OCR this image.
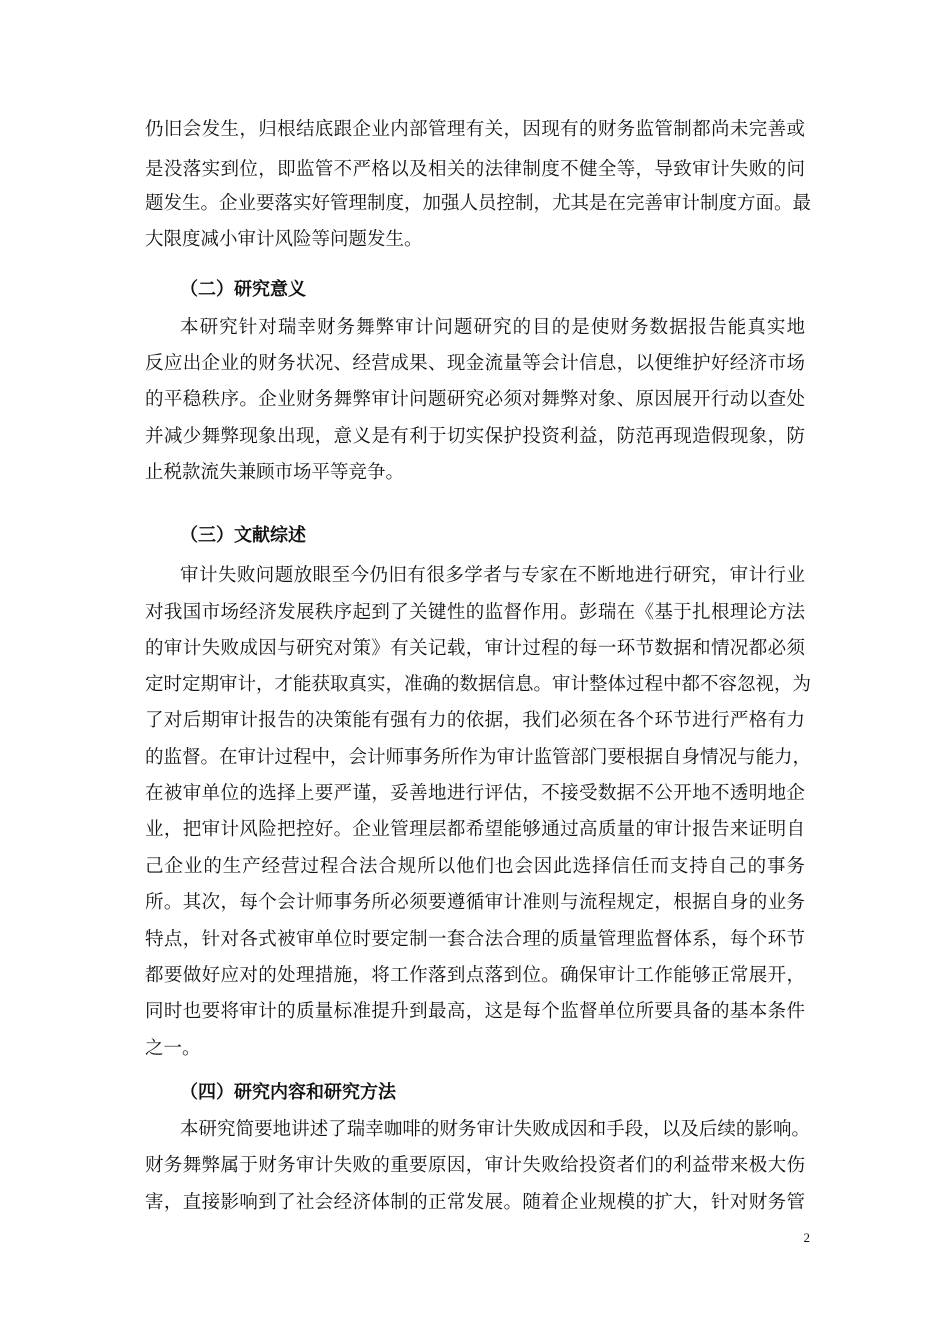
仍旧会发生，归根结底跟企业内部管理有关，因现有的财务监管制都尚未完善或
是没落实到位，即监管不严格以及相关的法律制度不健全等，导致审计失败的问
题发生。企业要落实好管理制度，加强人员控制，尤其是在完善审计制度方面。最
大限度减小审计风险等问题发生。
（二）研究意义
本研究针对瑞幸财务舞弊审计问题研究的目的是使财务数据报告能真实地
反应出企业的财务状况、经营成果、现金流量等会计信息，以便维护好经济市场
的平稳秩序。企业财务舞弊审计问题研究必须对舞弊对象、原因展开行动以查处
并减少舞弊现象出现，意义是有利于切实保护投资利益，防范再现造假现象，防
止税款流失兼顾市场平等竞争。
（三）文献综述
审计失败问题放眼至今仍旧有很多学者与专家在不断地进行研究，审计行业
对我国市场经济发展秩序起到了关键性的监督作用。彭瑞在《基于扎根理论方法
的审计失败成因与研究对策》有关记载，审计过程的每一环节数据和情况都必须
定时定期审计，才能获取真实，准确的数据信息。审计整体过程中都不容忽视，为
了对后期审计报告的决策能有强有力的依据，我们必须在各个环节进行严格有力
的监督。在审计过程中，会计师事务所作为审计监管部门要根据自身情况与能力，
在被审单位的选择上要严谨，妥善地进行评估，不接受数据不公开地不透明地企
业，把审计风险把控好。企业管理层都希望能够通过高质量的审计报告来证明自
己企业的生产经营过程合法合规所以他们也会因此选择信任而支持自己的事务
所。其次，每个会计师事务所必须要遵循审计准则与流程规定，根据自身的业务
特点，针对各式被审单位时要定制一套合法合理的质量管理监督体系，每个环节
都要做好应对的处理措施，将工作落到点落到位。确保审计工作能够正常展开，
同时也要将审计的质量标准提升到最高，这是每个监督单位所要具备的基本条件
之一。
（四）研究内容和研究方法
本研究简要地讲述了瑞幸咖啡的财务审计失败成因和手段，以及后续的影响。
财务舞弊属于财务审计失败的重要原因，审计失败给投资者们的利益带来极大伤
害，直接影响到了社会经济体制的正常发展。随着企业规模的扩大，针对财务管
2
